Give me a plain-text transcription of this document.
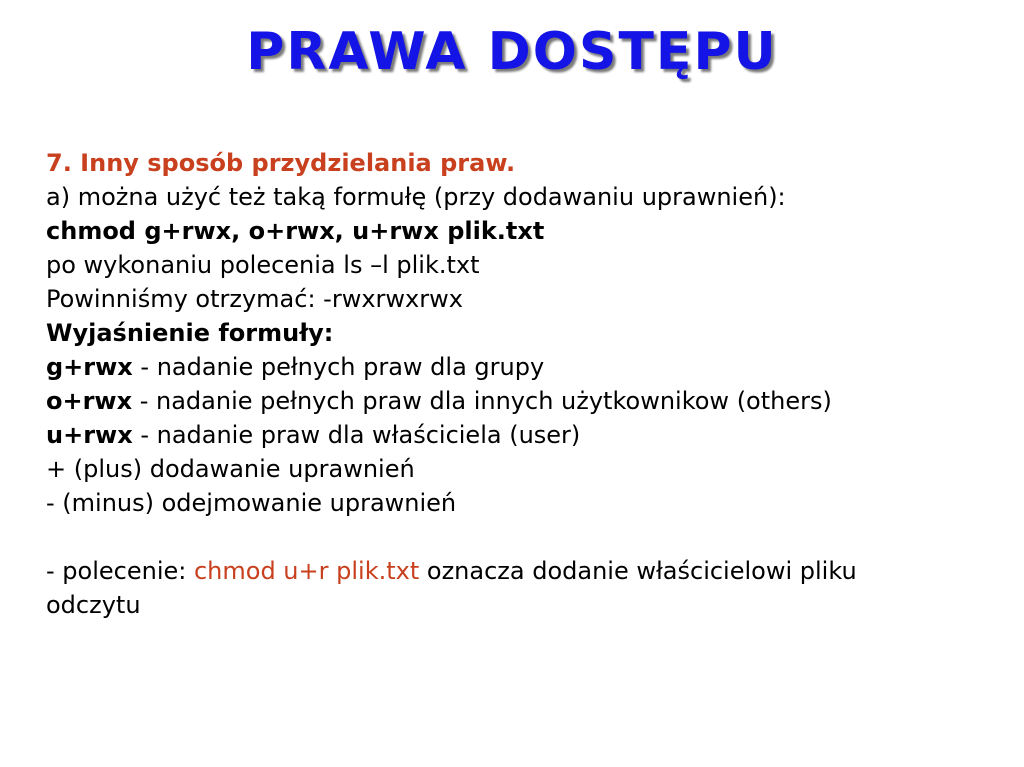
PRAWA DOSTĘPU
7. Inny sposób przydzielania praw.
a) można użyć też taką formułę (przy dodawaniu uprawnień):
chmod g+rwx, o+rwx, u+rwx plik.txt
po wykonaniu polecenia ls –l plik.txt
Powinniśmy otrzymać: -rwxrwxrwx
Wyjaśnienie formuły:
g+rwx - nadanie pełnych praw dla grupy
o+rwx - nadanie pełnych praw dla innych użytkownikow (others)
u+rwx - nadanie praw dla właściciela (user)
+ (plus) dodawanie uprawnień
- (minus) odejmowanie uprawnień
- polecenie: chmod u+r plik.txt oznacza dodanie właścicielowi pliku
odczytu
